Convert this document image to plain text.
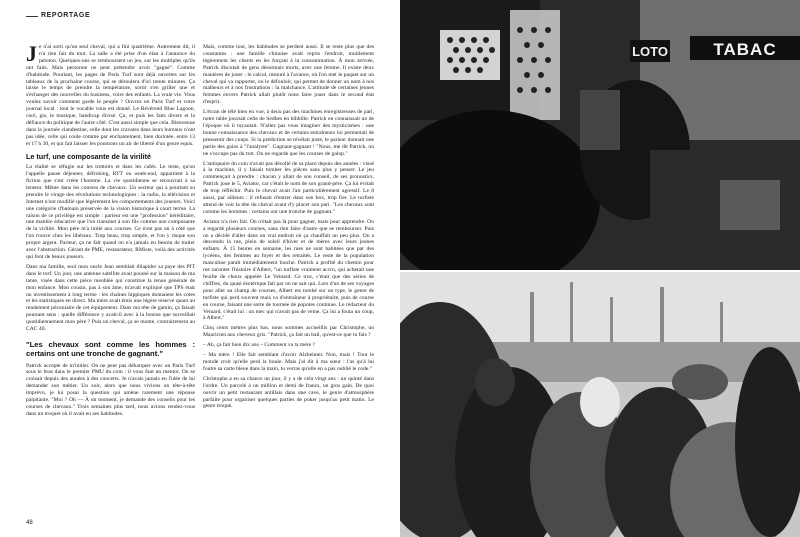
REPORTAGE

Je n'ai sorti qu'un seul cheval, qui a fini quatrième. Autrement dit, il n'a rien fait du tout. La salle a été prise d'un élan à l'annonce du peloton. Quelques-uns se remboursent un jeu, sur les multiples qu'ils ont faits. Mais personne ne peut prétendre avoir "gagné". Comme d'habitude. Pourtant, les pages de Paris Turf sont déjà ouvertes sur les tableaux de la prochaine course, qui se déroulera d'ici trente minutes. Ça laisse le temps de prendre la température, sortir s'en griller une et s'échanger des nouvelles du business, voire des enfants. La vraie vie. Vous voulez savoir comment garde le peuple ? Ouvrez un Paris Turf et votre journal local : tout le vocable vous est donné. Le Révérend Blue Lagoon, cool, gis, le musique, handicap divisé. Ça, et puis les faits divers et la défiance du politique de l'autre côté. C'est aussi simple que cela. Bienvenue dans la journée clandestine, celle dont les cravates dans leurs bureaux n'ont pas idée, celle qui coule comme par enchantement, bien dorlotée, entre 13 et 17 h 30, et qui fait laisser les poumons un air de liberté d'un genre equis.

Le turf, une composante de la virilité

La réalité se réfugie sur les trottoirs et dans les cafés. Le reste, qu'on l'appelle pause déjeuner, défroking, RTT ou week-end, appartient à la fiction que s'est créée l'homme. La vie quotidienne se recouvrait à sa lenteur. Même dans les courses de chevaux. Un secteur qui a pourtant su prendre le virage des révolutions technologiques : la radio, la télévision et Internet n'ont modifié que légèrement les comportements des joueurs. Voici une catégorie d'humain préservée de la vision historique à court terme. La raison de ce privilège est simple : parieur est une "profession" héréditaire, une matière éducative que l'on transmet à son fils comme une composante de la virilité. Mon père m'a initié aux courses. Ce n'est pas un à côté que l'on trouve chez les libéraux. Trop beau, trop simple, et l'on y risque son propre argent. Parieur, ça ne fait quand on n'a jamais eu besoin de traiter avec l'abstraction. Gérant de PME, restaurateur, RMiste, voilà des activités qui font de beaux joueurs.

Dans ma famille, seul mon oncle Jean semblait dilapider sa paye des PIT dans le turf. Un jour, une antenne satellite avait poussé sur la maison de ma tante, visée dans cette pièce meublée qui constitue la tenue générale de mon enfance. Mon cousin, pas à son âme, m'avait expliqué que TPS était un investissement à long terme : les chaînes hippiques donnaient les cotes et les statistiques en direct. Ma mère avait émis une légère réserve quant au rendement pécuniaire de cet équipement. Dans ma tête de gamin, ça faisait pourtant sens : quelle différence y avait-il avec à la bourse que surveillait quotidiennement mon père ? Puis un cheval, ça se monte, contrairement au CAC 40.

"Les chevaux sont comme les hommes : certains ont une tronche de gagnant."

Patrick accepte de m'initier. On ne peut pas débarquer avec un Paris Turf sous le bras dans le premier PMU du coin : il vous faut un mentor. On se croisait depuis des années à des concerts. Je n'avais jamais eu l'idée de lui demander son métier. Un soir, alors que nous vivions un tête-à-tête imprévu, je lui posai la question qui amène rarement une réponse palpitante. "Moi ? Oh — À un moment, je demande des conseils pour les courses de chevaux." Trois semaines plus tard, nous avions rendez-vous dans un troquet où il avait eu ses habitudes.

Mais, comme tout, les habitudes se perdent aussi. Il se reste plus que des constantes : une famille chinoise avait repris l'endroit, mutilement légèrement les clients en les forçant à la consommation. À mon arrivée, Patrick discutait de gens désormais morts, avec une femme. Il existe deux manières de jouer : le calcul, mesuré à l'avance, où l'on met le paquet sur un cheval qui va rapporter, ou le défouloir, qui permet de donner un nom à nos malheurs et à nos frustrations : la malchance. L'attitude de certaines jeunes femmes envers Patrick allait plutôt nous faire jouer dans le second état d'esprit.

L'écran de télé bien en vue, à deux pas des machines enregistreuses de pari, notre table jouxtait celle de Sedhes en bibbille. Patrick en connaissait un de l'époque où il tuyautait. N'allez pas vous imaginer des mysticismes : une bonne connaissance des chevaux et de certains entraîneurs lui permettait de pressentir des coups. Si la prédiction se révélait juste, le parieur donnait une partie des gains à "l'analyste". Gagnant-gagnant ! "Nous, me dit Patrick, on ne s'occupe pas du trot. On ne regarde que les courses de galop."

L'antiquaire du coin n'avait pas décollé de sa place depuis des années : vissé à la machine, il y faisait tomber les pièces sans plus y penser. Le jeu commençait à prendre : chacun y allait de son conseil, de ses pronostics. Patrick joue le 5, Aviator, car c'était le nom de son grand-père. Ça lui évitait de trop réfléchir. Puis le cheval avait l'air particulièrement agressif. Le 8 aussi, par ailleurs : il refusait d'entrer dans son box, trop fier. Le turfiste attend de voir la tête du cheval avant d'y placer son pari. "Les chevaux sont comme les hommes : certains ont une tronche de gagnant."

Aviator n'a rien fait. On n'était pas là pour gagner, mais pour apprendre. On a regardé plusieurs courses, sans rien faire d'autre que se rembourser. Puis on a décidé d'aller dans un vrai endroit où ça chauffait un peu plus. On a descendu la rue, plein de soleil d'hiver et de mères avec leurs jeunes enfants. À 15 heures en semaine, les rues ne sont habitées que par des lycéens, des femmes au foyer et des retraités. Le reste de la population masculine paraît immédiatement louche. Patrick a profité du chemin pour me raconter l'histoire d'Albert, "un turfiste vraiment accro, qui achetait une feuille de choux appelée Le Veinard. Ce truc, c'était que des séries de chiffres, du quasi ésotérique fait par on ne sait qui. Lors d'un de ses voyages pour aller au champ de courses, Albert est tombé sur un type, le genre de turfiste qui perd souvent mais va d'entraîneur à propriétaire, puis de course en course, faisant une sorte de tournée de popotes continue. Le rédacteur du Veinard, c'était lui : un mec qui n'avait pas de veine. Ça lui a fouta un coup, à Albert."

Cinq cents mètres plus bas, nous sommes accueillis par Christophe, un Mauricien aux cheveux gris. "Patrick, ça fait un bail, qu'est-ce que tu fais ?

– Ah, ça fait bien dix ans – Comment va ta mère ?

– Ma mère ! Elle fait semblant d'avoir Alzheimer. Non, mais ! Tout le monde croit qu'elle perd la boule. Mais j'ai dit à ma sœur : l'as qu'à lui foutre sa carte bleue dans la main, tu verras qu'elle en a pas oublié le code."

Christophe a eu sa chance un jour, il y a de cela vingt ans : un quinté dans l'ordre. Un parcolé à un million et demi de francs, un gros gain. De quoi ouvrir un petit restaurant antillais dans une cave, le genre d'atmosphère parfaite pour organiser quelques parties de poker jusqu'au petit matin. Le genre troqué.

48
LOTO	TABAC
